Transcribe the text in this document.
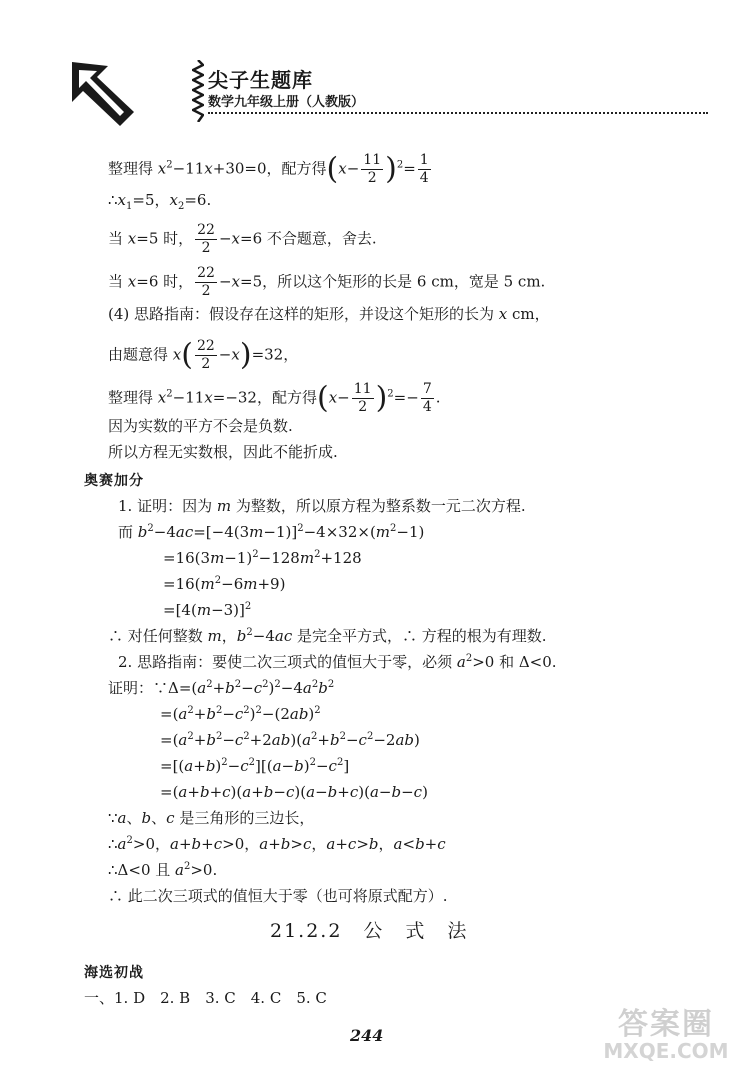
尖子生题库
数学九年级上册（人教版）
整理得 $x^2-11x+30=0$，配方得$(x- \frac{11}{2} )^2= \frac{1}{4}$
$\therefore x_1=5$，$x_2=6$.
当 x=5 时， $\frac{22}{2} -x=6$ 不合题意，舍去.
当 x=6 时， $\frac{22}{2} -x=5$，所以这个矩形的长是 6 cm，宽是 5 cm.
(4) 思路指南：假设存在这样的矩形，并设这个矩形的长为 x cm，
由题意得 $x( \frac{22}{2} -x)=32$，
整理得 $x^2-11x=-32$，配方得$(x- \frac{11}{2} )^2=- \frac{7}{4}$ .
因为实数的平方不会是负数.
所以方程无实数根，因此不能折成.
奥赛加分
1. 证明：因为 m 为整数，所以原方程为整系数一元二次方程.
而 $b^2-4ac=[-4(3m-1)]^2-4\times 32\times(m^2-1)$
$=16(3m-1)^2-128m^2+128$
$=16(m^2-6m+9)$
$=[4(m-3)]^2$
∴ 对任何整数 m，$b^2-4ac$ 是完全平方式，∴ 方程的根为有理数.
2. 思路指南：要使二次三项式的值恒大于零，必须 $a^2>0$ 和 Δ<0.
证明：$\because\Delta=(a^2+b^2-c^2)^2-4a^2b^2$
$=(a^2+b^2-c^2)^2-(2ab)^2$
$=(a^2+b^2-c^2+2ab)(a^2+b^2-c^2-2ab)$
$=[(a+b)^2-c^2][(a-b)^2-c^2]$
=(a+b+c)(a+b−c)(a−b+c)(a−b−c)
∵a、b、c 是三角形的三边长，
$\therefore a^2>0$，a+b+c>0，a+b>c，a+c>b，a<b+c
∴Δ<0 且 $a^2>0$.
∴ 此二次三项式的值恒大于零（也可将原式配方）.
21.2.2　公　式　法
海选初战
一、1. D　2. B　3. C　4. C　5. C
244	答案圈
MXQE.COM
